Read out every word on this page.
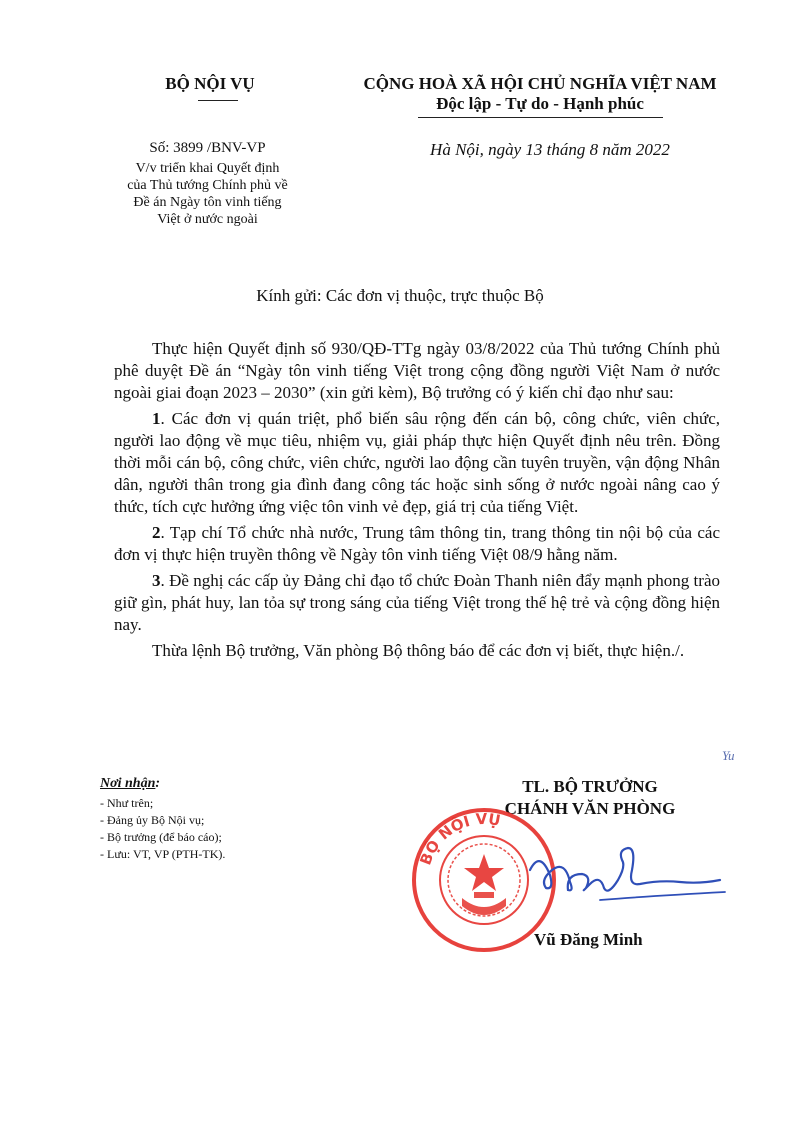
BỘ NỘI VỤ	CỘNG HOÀ XÃ HỘI CHỦ NGHĨA VIỆT NAM
Độc lập - Tự do - Hạnh phúc
Số: 3899 /BNV-VP
V/v triển khai Quyết định
của Thủ tướng Chính phủ về
Đề án Ngày tôn vinh tiếng
Việt ở nước ngoài
Hà Nội, ngày 13 tháng 8 năm 2022
Kính gửi: Các đơn vị thuộc, trực thuộc Bộ

Thực hiện Quyết định số 930/QĐ-TTg ngày 03/8/2022 của Thủ tướng Chính phủ phê duyệt Đề án “Ngày tôn vinh tiếng Việt trong cộng đồng người Việt Nam ở nước ngoài giai đoạn 2023 – 2030” (xin gửi kèm), Bộ trưởng có ý kiến chỉ đạo như sau:

1. Các đơn vị quán triệt, phổ biến sâu rộng đến cán bộ, công chức, viên chức, người lao động về mục tiêu, nhiệm vụ, giải pháp thực hiện Quyết định nêu trên. Đồng thời mỗi cán bộ, công chức, viên chức, người lao động cần tuyên truyền, vận động Nhân dân, người thân trong gia đình đang công tác hoặc sinh sống ở nước ngoài nâng cao ý thức, tích cực hưởng ứng việc tôn vinh vẻ đẹp, giá trị của tiếng Việt.

2. Tạp chí Tổ chức nhà nước, Trung tâm thông tin, trang thông tin nội bộ của các đơn vị thực hiện truyền thông về Ngày tôn vinh tiếng Việt 08/9 hằng năm.

3. Đề nghị các cấp ủy Đảng chỉ đạo tổ chức Đoàn Thanh niên đẩy mạnh phong trào giữ gìn, phát huy, lan tỏa sự trong sáng của tiếng Việt trong thế hệ trẻ và cộng đồng hiện nay.

Thừa lệnh Bộ trưởng, Văn phòng Bộ thông báo để các đơn vị biết, thực hiện./.

Yu
Nơi nhận:
- Như trên;
- Đảng ủy Bộ Nội vụ;
- Bộ trưởng (để báo cáo);
- Lưu: VT, VP (PTH-TK).
TL. BỘ TRƯỞNG
CHÁNH VĂN PHÒNG
BỘ NỘI VỤ
Vũ Đăng Minh
